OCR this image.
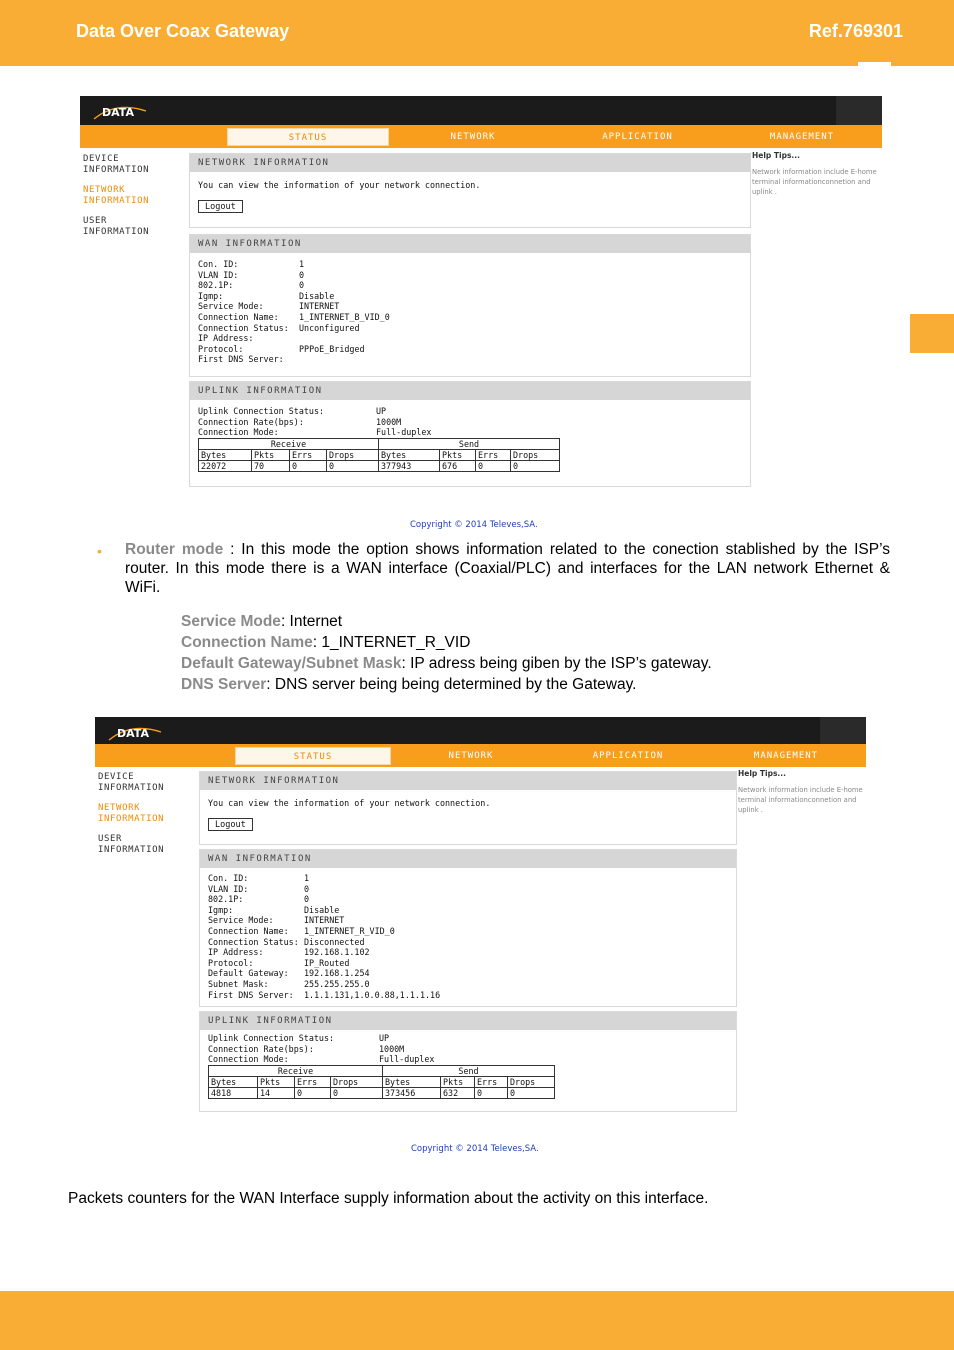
Data Over Coax Gateway	Ref.769301
DATA
STATUS	NETWORK	APPLICATION	MANAGEMENT
DEVICE
INFORMATION
NETWORK
INFORMATION
USER
INFORMATION
NETWORK INFORMATION
You can view the information of your network connection.
Logout
WAN INFORMATION
Con. ID:	1
VLAN ID:	0
802.1P:	0
Igmp:	Disable
Service Mode:	INTERNET
Connection Name: 1_INTERNET_B_VID_0
Connection Status: Unconfigured
IP Address:
Protocol:	PPPoE_Bridged
First DNS Server:
UPLINK INFORMATION
Uplink Connection Status:	UP
Connection Rate(bps):	1000M
Connection Mode:	Full-duplex
Receive				Send			
Bytes	Pkts	Errs	Drops	Bytes	Pkts	Errs	Drops
22072	70	0	0	377943	676	0	0
Help Tips...
Network information include E-home terminal informationconnetion and uplink .
Copyright © 2014 Televes,SA.
• Router mode : In this mode the option shows information related to the conection stablished by the ISP’s router. In this mode there is a WAN interface (Coaxial/PLC) and interfaces for the LAN network Ethernet & WiFi.
Service Mode: Internet
Connection Name: 1_INTERNET_R_VID
Default Gateway/Subnet Mask: IP adress being giben by the ISP’s gateway.
DNS Server: DNS server being being determined by the Gateway.
DATA
STATUS	NETWORK	APPLICATION	MANAGEMENT
DEVICE
INFORMATION
NETWORK
INFORMATION
USER
INFORMATION
NETWORK INFORMATION
You can view the information of your network connection.
Logout
WAN INFORMATION
Con. ID:	1
VLAN ID:	0
802.1P:	0
Igmp:	Disable
Service Mode:	INTERNET
Connection Name: 1_INTERNET_R_VID_0
Connection Status: Disconnected
IP Address:	192.168.1.102
Protocol:	IP_Routed
Default Gateway: 192.168.1.254
Subnet Mask:	255.255.255.0
First DNS Server: 1.1.1.131,1.0.0.88,1.1.1.16
UPLINK INFORMATION
Uplink Connection Status:	UP
Connection Rate(bps):	1000M
Connection Mode:	Full-duplex
Receive				Send			
Bytes	Pkts	Errs	Drops	Bytes	Pkts	Errs	Drops
4818	14	0	0	373456	632	0	0
Help Tips...
Network information include E-home terminal informationconnetion and uplink .
Copyright © 2014 Televes,SA.
Packets counters for the WAN Interface supply information about the activity on this interface.
